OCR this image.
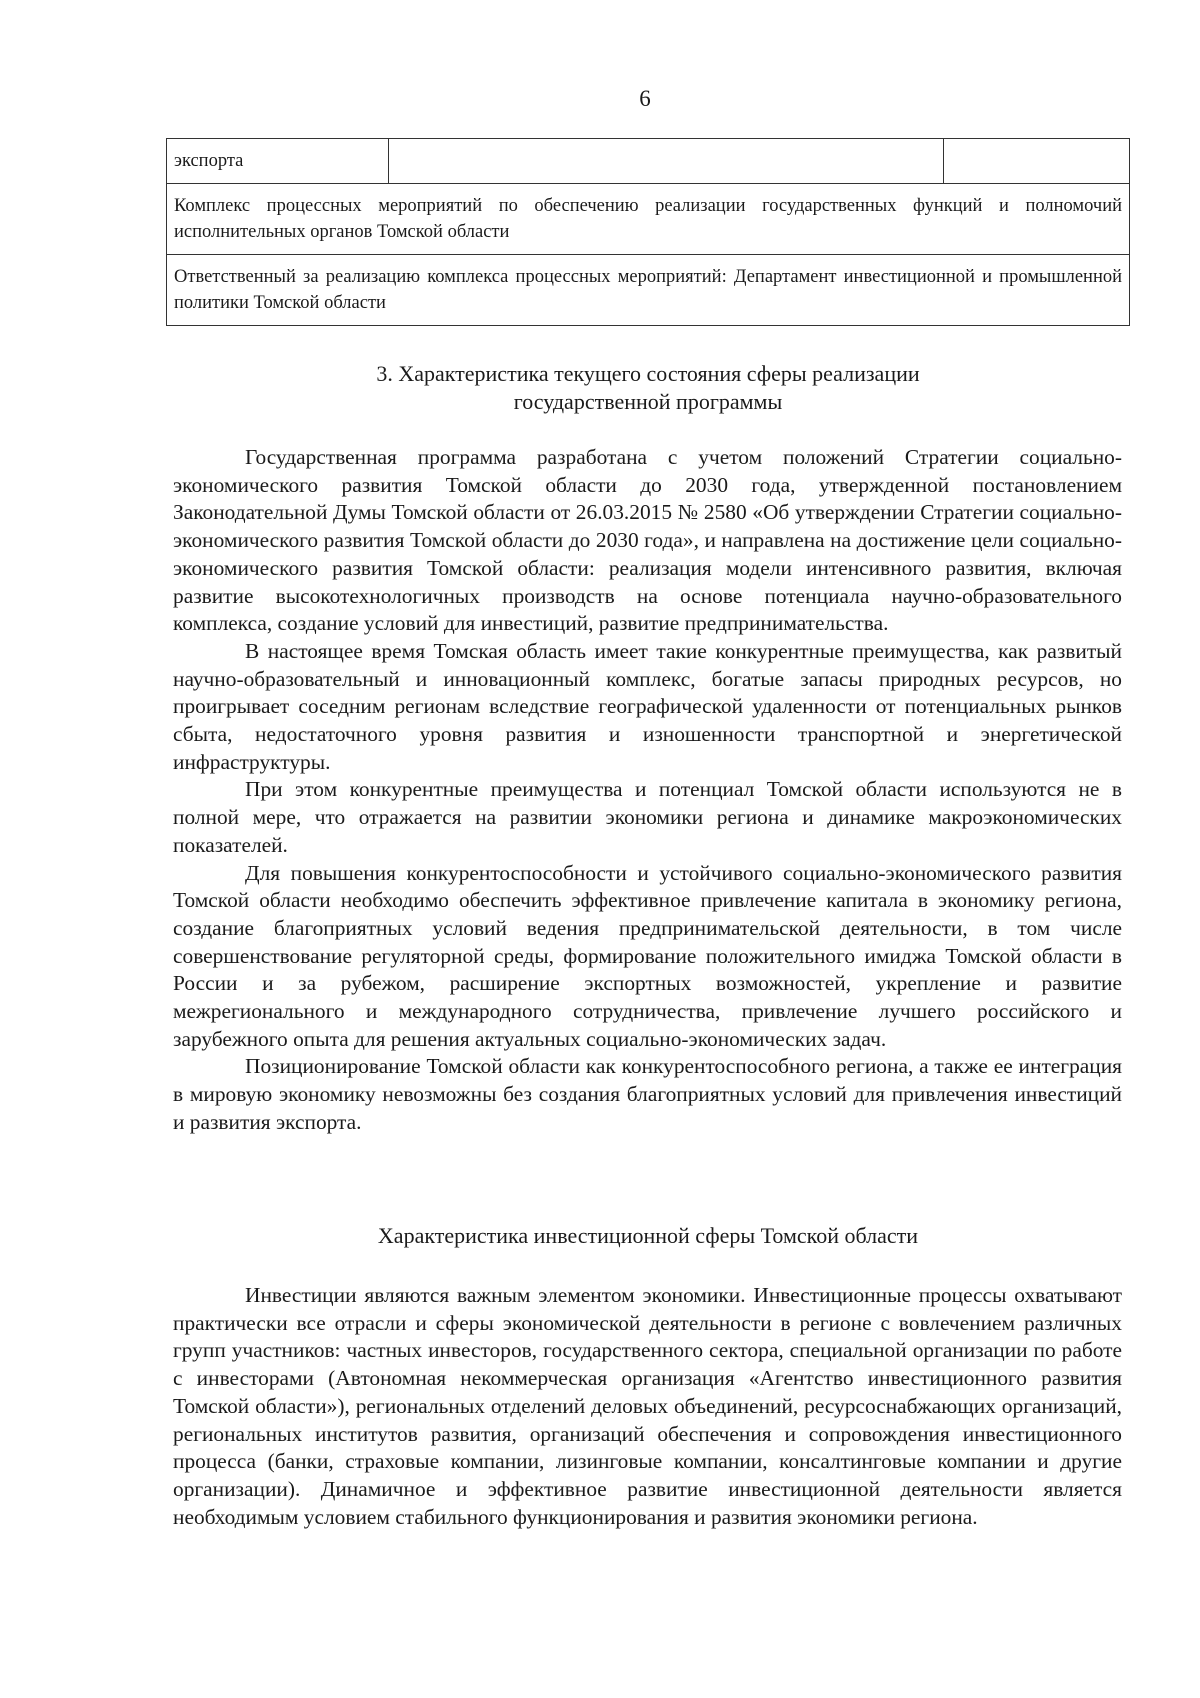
6
экспорта		
Комплекс процессных мероприятий по обеспечению реализации государственных функций и полномочий исполнительных органов Томской области
Ответственный за реализацию комплекса процессных мероприятий: Департамент инвестиционной и промышленной политики Томской области
3. Характеристика текущего состояния сферы реализации
государственной программы

Государственная программа разработана с учетом положений Стратегии социально-экономического развития Томской области до 2030 года, утвержденной постановлением Законодательной Думы Томской области от 26.03.2015 № 2580 «Об утверждении Стратегии социально-экономического развития Томской области до 2030 года», и направлена на достижение цели социально-экономического развития Томской области: реализация модели интенсивного развития, включая развитие высокотехнологичных производств на основе потенциала научно-образовательного комплекса, создание условий для инвестиций, развитие предпринимательства.

В настоящее время Томская область имеет такие конкурентные преимущества, как развитый научно-образовательный и инновационный комплекс, богатые запасы природных ресурсов, но проигрывает соседним регионам вследствие географической удаленности от потенциальных рынков сбыта, недостаточного уровня развития и изношенности транспортной и энергетической инфраструктуры.

При этом конкурентные преимущества и потенциал Томской области используются не в полной мере, что отражается на развитии экономики региона и динамике макроэкономических показателей.

Для повышения конкурентоспособности и устойчивого социально-экономического развития Томской области необходимо обеспечить эффективное привлечение капитала в экономику региона, создание благоприятных условий ведения предпринимательской деятельности, в том числе совершенствование регуляторной среды, формирование положительного имиджа Томской области в России и за рубежом, расширение экспортных возможностей, укрепление и развитие межрегионального и международного сотрудничества, привлечение лучшего российского и зарубежного опыта для решения актуальных социально-экономических задач.

Позиционирование Томской области как конкурентоспособного региона, а также ее интеграция в мировую экономику невозможны без создания благоприятных условий для привлечения инвестиций и развития экспорта.

Характеристика инвестиционной сферы Томской области

Инвестиции являются важным элементом экономики. Инвестиционные процессы охватывают практически все отрасли и сферы экономической деятельности в регионе с вовлечением различных групп участников: частных инвесторов, государственного сектора, специальной организации по работе с инвесторами (Автономная некоммерческая организация «Агентство инвестиционного развития Томской области»), региональных отделений деловых объединений, ресурсоснабжающих организаций, региональных институтов развития, организаций обеспечения и сопровождения инвестиционного процесса (банки, страховые компании, лизинговые компании, консалтинговые компании и другие организации). Динамичное и эффективное развитие инвестиционной деятельности является необходимым условием стабильного функционирования и развития экономики региона.
